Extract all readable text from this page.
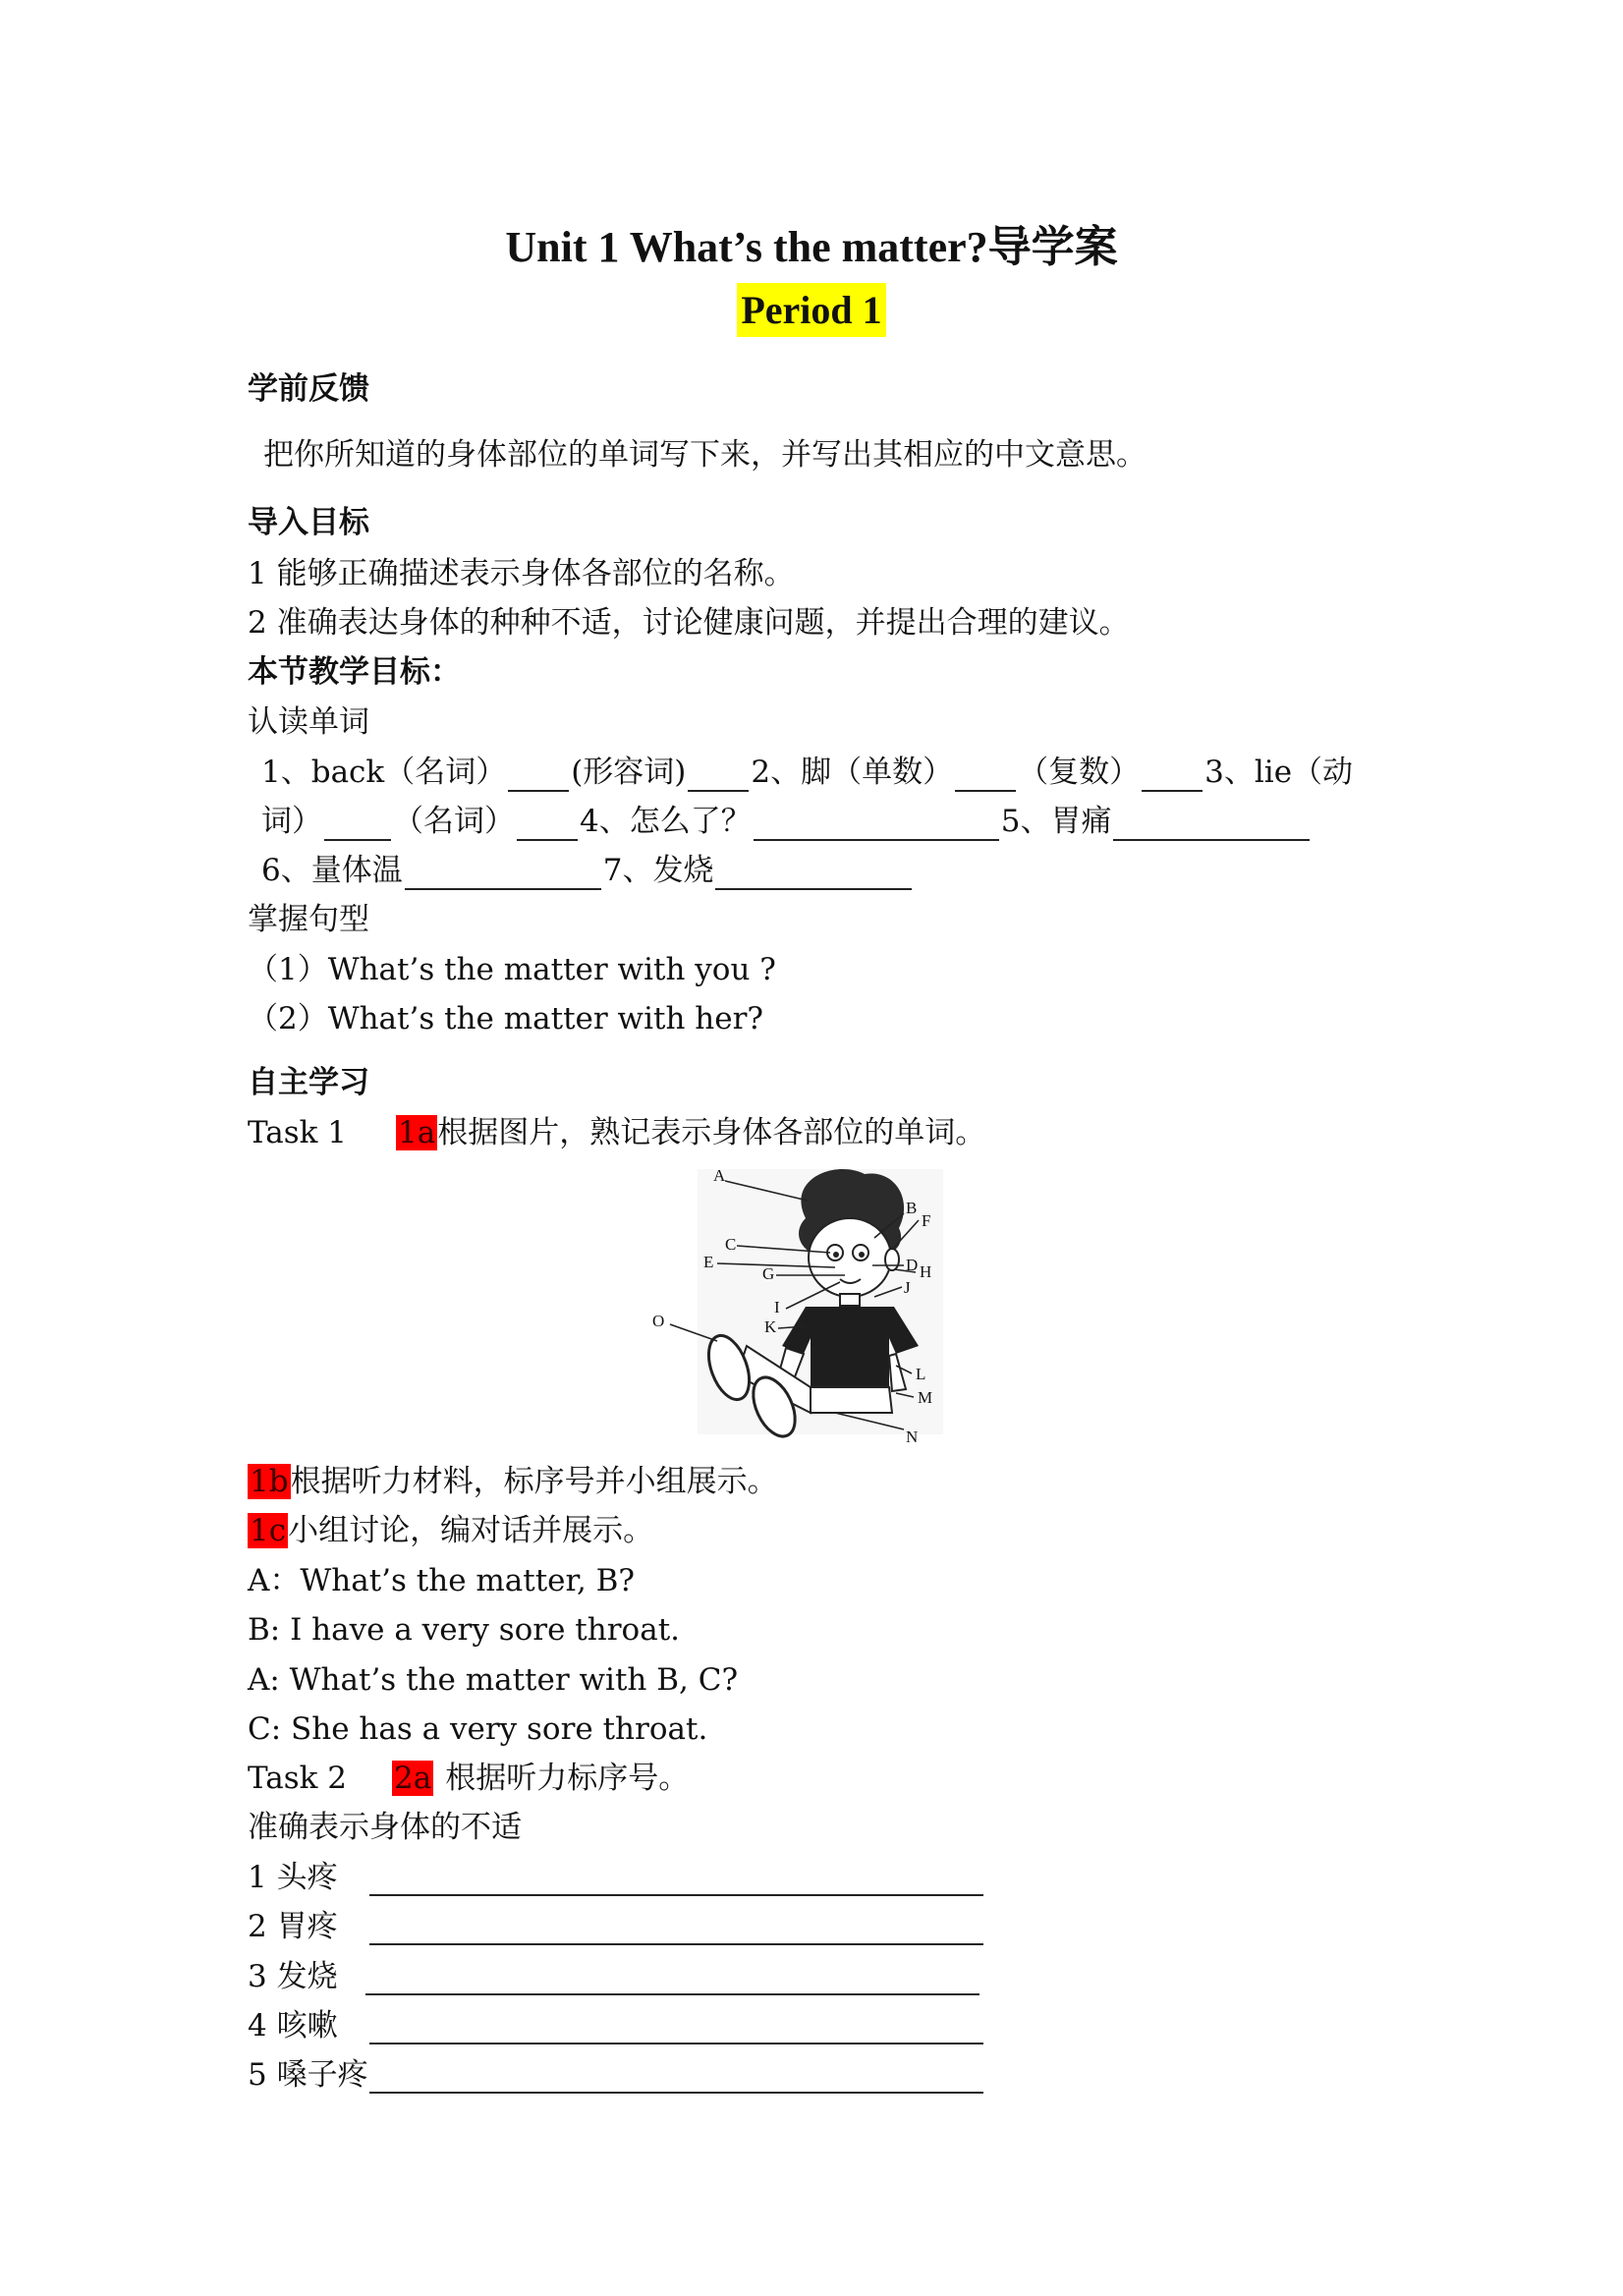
Unit 1 What’s the matter?导学案
Period 1
学前反馈
把你所知道的身体部位的单词写下来，并写出其相应的中文意思。
导入目标
1 能够正确描述表示身体各部位的名称。
2 准确表达身体的种种不适，讨论健康问题，并提出合理的建议。
本节教学目标：
认读单词
1、back（名词） (形容词) 2、脚（单数） （复数） 3、lie（动
词） （名词） 4、怎么了？	5、胃痛
6、量体温	7、发烧
掌握句型
（1）What’s the matter with you ?
（2）What’s the matter with her?
自主学习
Task 1 1a根据图片，熟记表示身体各部位的单词。
A
B
C
D
E
F
G	H
I
J
K
L
M
N
O
1b根据听力材料，标序号并小组展示。
1c小组讨论，编对话并展示。
A：What’s the matter, B?
B: I have a very sore throat.
A: What’s the matter with B, C?
C: She has a very sore throat.
Task 2 2a 根据听力标序号。
准确表示身体的不适
1 头疼
2 胃疼
3 发烧
4 咳嗽
5 嗓子疼
